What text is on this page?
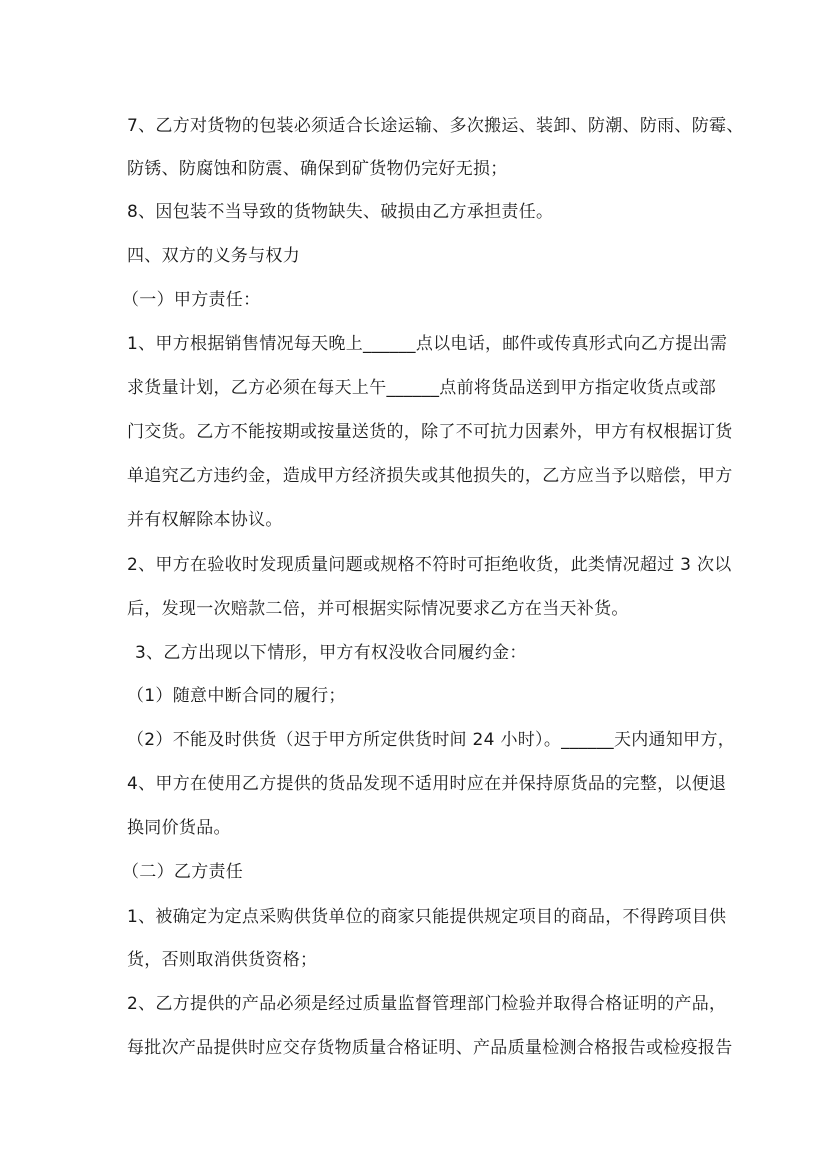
7、乙方对货物的包装必须适合长途运输、多次搬运、装卸、防潮、防雨、防霉、
防锈、防腐蚀和防震、确保到矿货物仍完好无损；
8、因包装不当导致的货物缺失、破损由乙方承担责任。
四、双方的义务与权力
（一）甲方责任：
1、甲方根据销售情况每天晚上______点以电话，邮件或传真形式向乙方提出需
求货量计划，乙方必须在每天上午______点前将货品送到甲方指定收货点或部
门交货。乙方不能按期或按量送货的，除了不可抗力因素外，甲方有权根据订货
单追究乙方违约金，造成甲方经济损失或其他损失的，乙方应当予以赔偿，甲方
并有权解除本协议。
2、甲方在验收时发现质量问题或规格不符时可拒绝收货，此类情况超过 3 次以
后，发现一次赔款二倍，并可根据实际情况要求乙方在当天补货。
3、乙方出现以下情形，甲方有权没收合同履约金：
（1）随意中断合同的履行；
（2）不能及时供货（迟于甲方所定供货时间 24 小时）。______天内通知甲方，
4、甲方在使用乙方提供的货品发现不适用时应在并保持原货品的完整，以便退
换同价货品。
（二）乙方责任
1、被确定为定点采购供货单位的商家只能提供规定项目的商品，不得跨项目供
货，否则取消供货资格；
2、乙方提供的产品必须是经过质量监督管理部门检验并取得合格证明的产品，
每批次产品提供时应交存货物质量合格证明、产品质量检测合格报告或检疫报告
